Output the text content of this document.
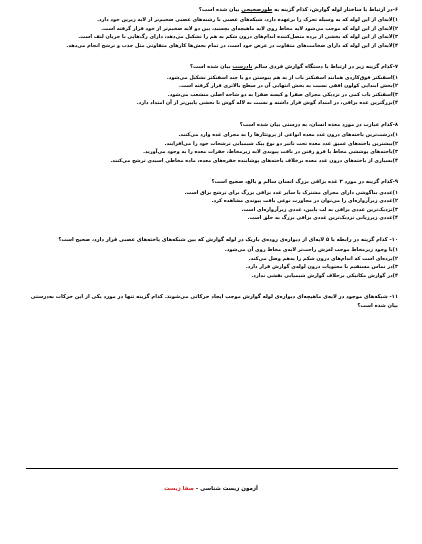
۶-در ارتباط با ساختار لوله گوارش، کدام گزینه به طورصحیحی بیان شده است؟

۱)لایه‌ای از این لوله که به وسیله تحرک را برعهده دارد، شبکه‌های عصبی با رشته‌های عصبی ضخیم‌تر از لایه زیرین خود دارد.

۲)لایه‌ای از این لوله که موجب می‌شود لایه مخاط روی لایه ماهیچه‌ای بچسبد، بین دو لایه ضخیم‌تر از خود قرار گرفته است.

۳)لایه‌ای از این لوله که بخشی از پرده متصل‌کننده اندام‌های درون شکم به هم را تشکیل می‌دهد، دارای رگ‌هایی با جریان لنف است.

۴)لایه‌ای از این لوله که دارای ضخامت‌های متفاوت در عرض خود است، در تمام بخش‌ها کارهای متفاوتی مثل جذب و ترشح انجام می‌دهد.

۷-کدام گزینه زیر در ارتباط با دستگاه گوارش فردی سالم نادرست بیان شده است؟

۱)اسفنکتر فوق‌کاردی همانند اسفنکتر باب از به هم پیوستن دو یا چند اسفنکتر تشکیل می‌شود.

۲)بخش ابتدایی کولون افقی نسبت به بخش انتهایی آن در سطح بالاتری قرار گرفته است.

۳)اسفنکتر باب کمی در نزدیکی مجرای صفرا و کیسه صفرا به دو شاخه اصلی منشعب می‌شود.

۴)بزرگترین غده بزاقی، در امتداد گوش قرار داشته و نسبت به لاله گوش تا بخشی پایین‌تر از آن امتداد دارد.

۸-کدام عبارت در مورد معده انسان، به درستی بیان شده است؟

۱)درشت‌ترین یاخته‌های درون غدد معده انواعی از پروتئازها را به مجرای غده وارد می‌کنند.

۲)بیشترین یاخته‌های عمیق غدد معده تحت تاثیر دو نوع پیک شیمیایی ترشحات خود را می‌افزایند.

۳)یاخته‌های پوششی مخاط با فرو رفتن در بافت پیوندی لایه زیرمخاط، حفرات معده را به وجود می‌آورند.

۴)بسیاری از یاخته‌های درون غدد معده برخلاف یاخته‌های پوشاننده حفره‌های معده، ماده مخاطی اسیدی ترشح می‌کنند.

۹-کدام گزینه در مورد ۳ غده بزاقی بزرگ انسان سالم و بالغ، صحیح است؟

۱)غددی بناگوشی دارای مجرای مشترک با سایر غدد بزاقی بزرگ برای ترشح بزاق است.

۲)غددی زیرآرواره‌ای را می‌توان در مجاورت نوعی بافت پیوندی مشاهده کرد.

۳)نزدیک‌ترین غددی بزاقی به لب پایین، غددی زیرآرواره‌ای است.

۴)غددی زیرزبانی نزدیک‌ترین غددی بزاقی بزرگ به حلق است.

۱۰- کدام گزینه در رابطه با ۵ لایه‌ای از دیواره‌ی روده‌ی باریک در لوله گوارش که بین شبکه‌های یاخته‌های عصبی قرار دارد، صحیح است؟

۱)با وجود زیرمخاط موجب لغزش راحت‌تر لایه‌ی مخاط روی آن می‌شود.

۲)پرده‌ای است که اندام‌های درون شکم را به‌هم وصل می‌کند.

۳)در تماس مستقیم با محتویات درون لوله‌ی گوارش قرار دارد.

۴)در گوارش مکانیکی برخلاف گوارش شیمیایی نقشی ندارد.

۱۱- شبکه‌های موجود در لایه‌ی ماهیچه‌ای دیواره‌ی لوله گوارش موجب ایجاد حرکاتی می‌شوند. کدام گزینه تنها در مورد یکی از این حرکات به‌درستی بیان شده است؟

آزمون زیست شناسی - صفا زیست
